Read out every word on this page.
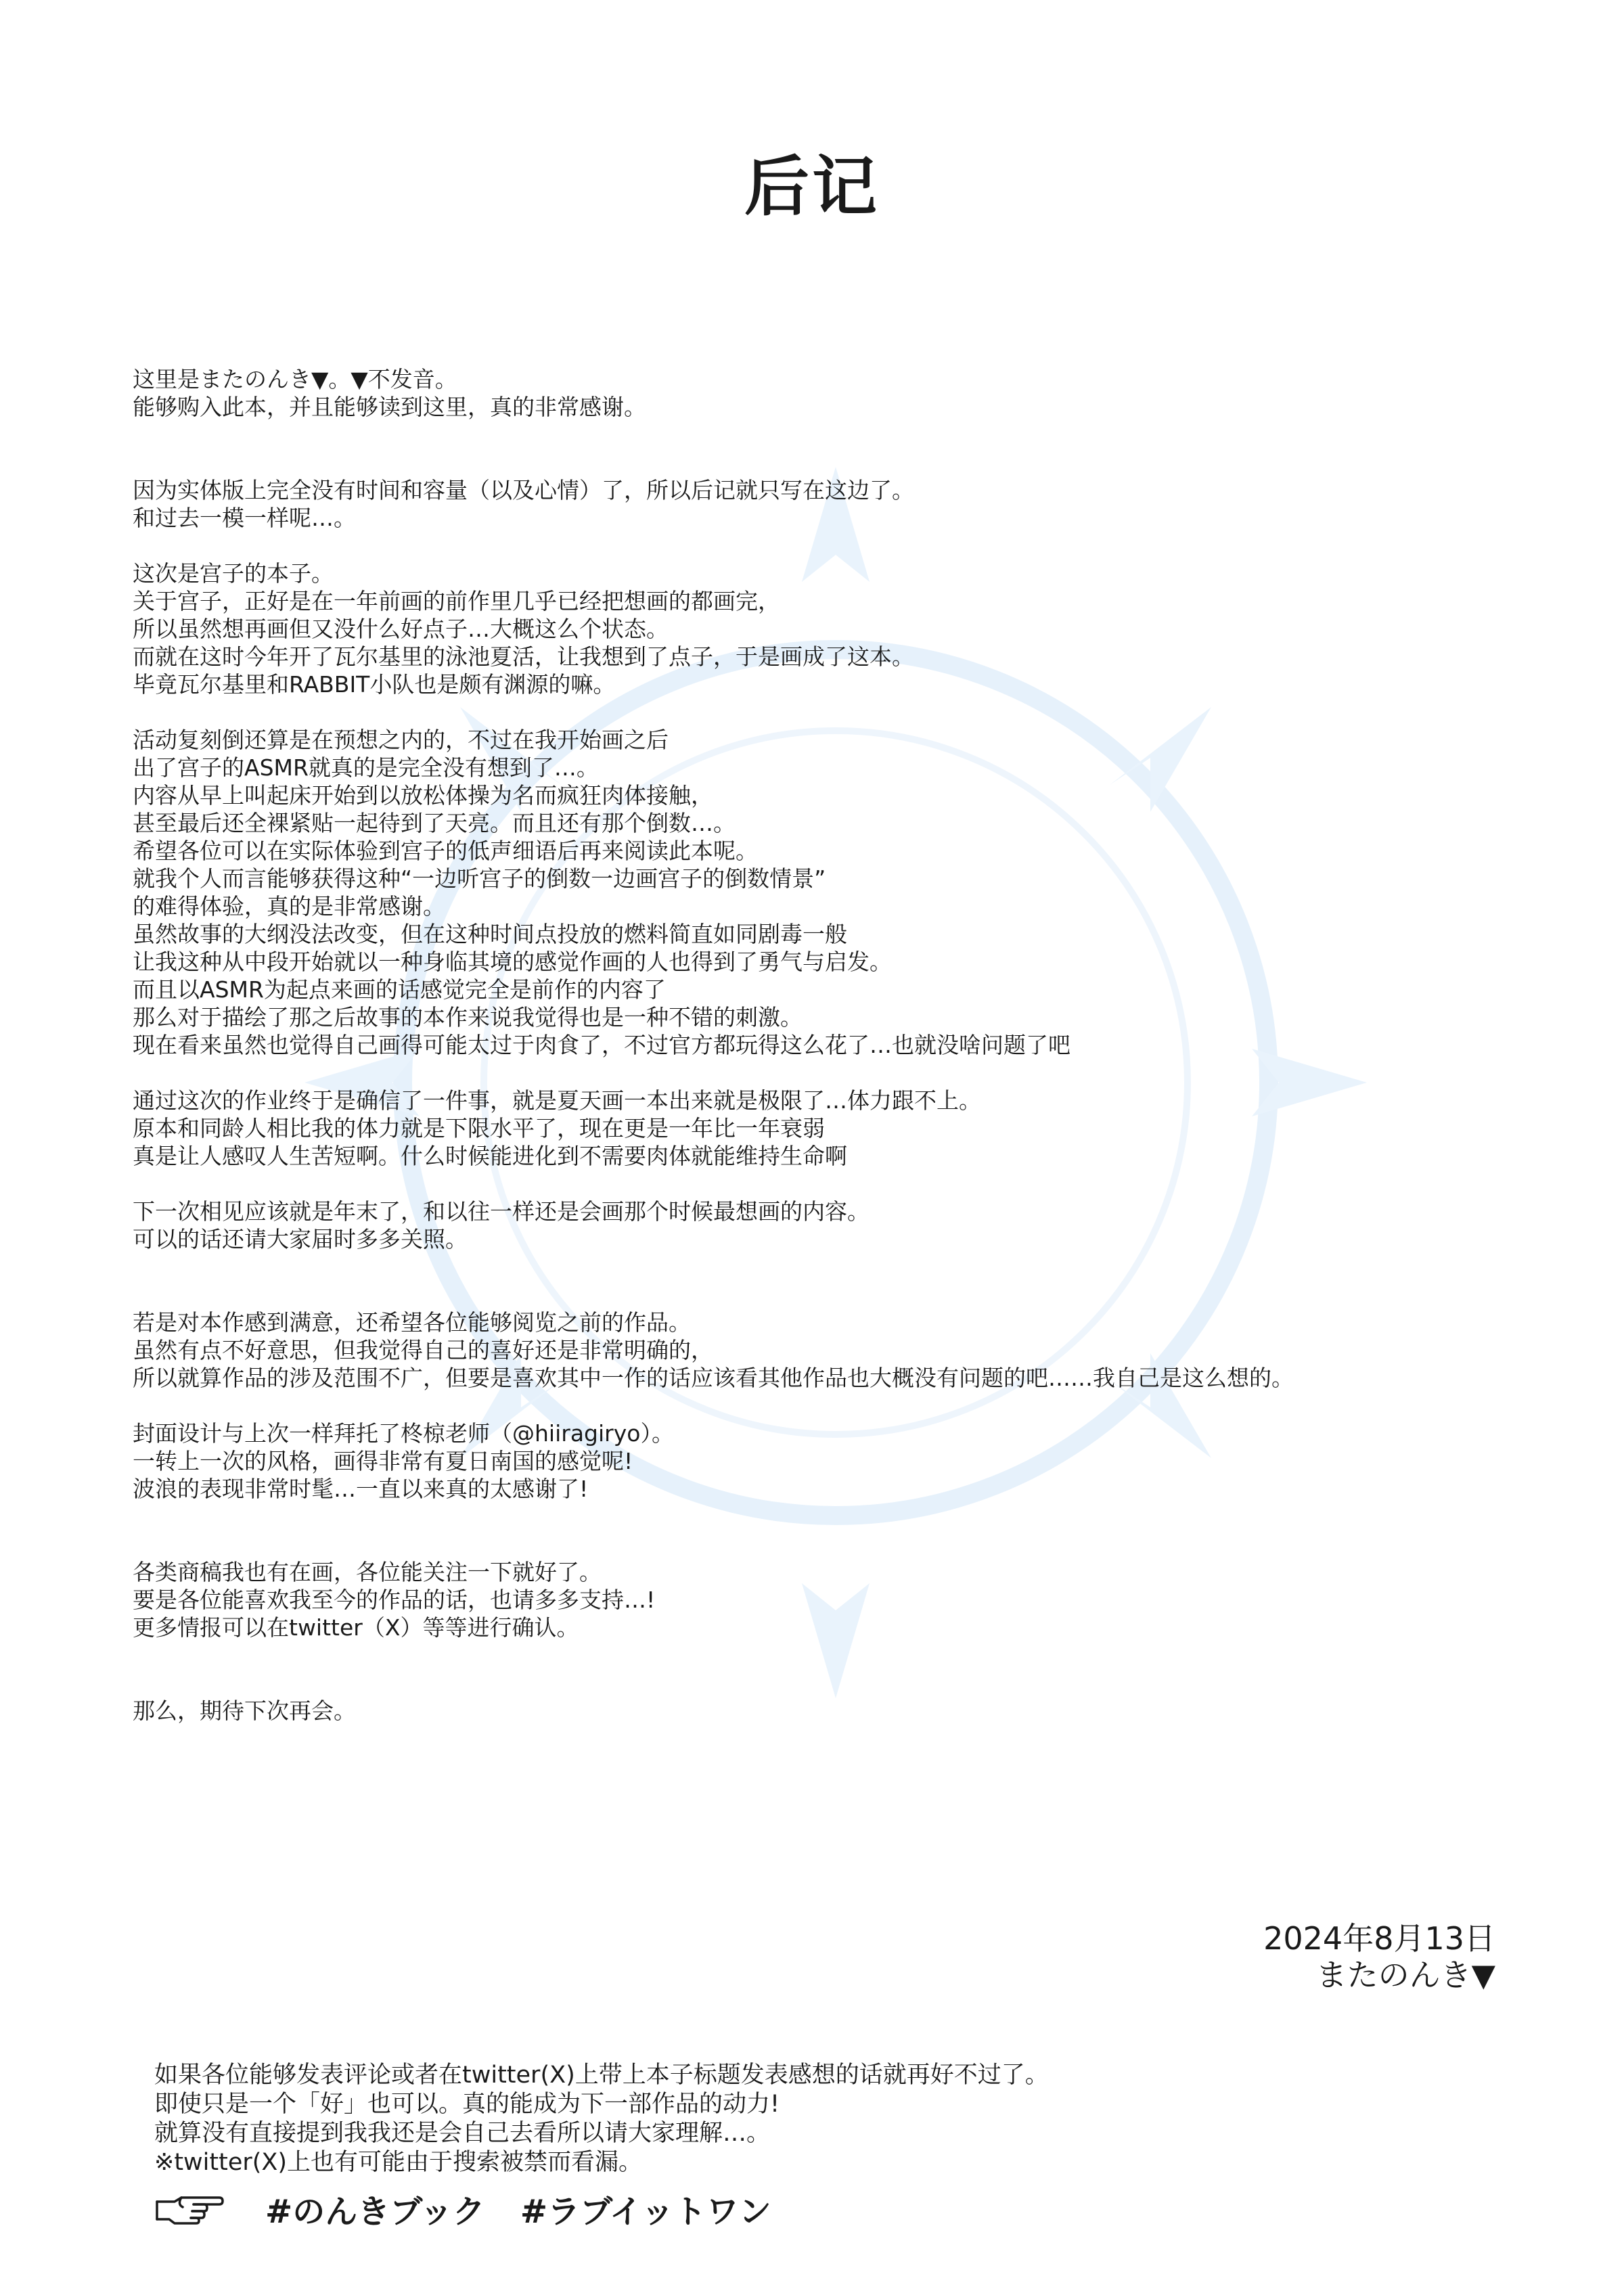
后记
这里是またのんき▼。▼不发音。
能够购入此本，并且能够读到这里，真的非常感谢。
因为实体版上完全没有时间和容量（以及心情）了，所以后记就只写在这边了。
和过去一模一样呢…。
这次是宫子的本子。
关于宫子，正好是在一年前画的前作里几乎已经把想画的都画完，
所以虽然想再画但又没什么好点子…大概这么个状态。
而就在这时今年开了瓦尔基里的泳池夏活，让我想到了点子，于是画成了这本。
毕竟瓦尔基里和RABBIT小队也是颇有渊源的嘛。
活动复刻倒还算是在预想之内的，不过在我开始画之后
出了宫子的ASMR就真的是完全没有想到了…。
内容从早上叫起床开始到以放松体操为名而疯狂肉体接触，
甚至最后还全裸紧贴一起待到了天亮。而且还有那个倒数…。
希望各位可以在实际体验到宫子的低声细语后再来阅读此本呢。
就我个人而言能够获得这种“一边听宫子的倒数一边画宫子的倒数情景”
的难得体验，真的是非常感谢。
虽然故事的大纲没法改变，但在这种时间点投放的燃料简直如同剧毒一般
让我这种从中段开始就以一种身临其境的感觉作画的人也得到了勇气与启发。
而且以ASMR为起点来画的话感觉完全是前作的内容了
那么对于描绘了那之后故事的本作来说我觉得也是一种不错的刺激。
现在看来虽然也觉得自己画得可能太过于肉食了，不过官方都玩得这么花了…也就没啥问题了吧
通过这次的作业终于是确信了一件事，就是夏天画一本出来就是极限了…体力跟不上。
原本和同龄人相比我的体力就是下限水平了，现在更是一年比一年衰弱
真是让人感叹人生苦短啊。什么时候能进化到不需要肉体就能维持生命啊
下一次相见应该就是年末了，和以往一样还是会画那个时候最想画的内容。
可以的话还请大家届时多多关照。
若是对本作感到满意，还希望各位能够阅览之前的作品。
虽然有点不好意思，但我觉得自己的喜好还是非常明确的，
所以就算作品的涉及范围不广，但要是喜欢其中一作的话应该看其他作品也大概没有问题的吧……我自己是这么想的。
封面设计与上次一样拜托了柊椋老师（@hiiragiryo）。
一转上一次的风格，画得非常有夏日南国的感觉呢!
波浪的表现非常时髦…一直以来真的太感谢了!
各类商稿我也有在画，各位能关注一下就好了。
要是各位能喜欢我至今的作品的话，也请多多支持…!
更多情报可以在twitter（X）等等进行确认。
那么，期待下次再会。
2024年8月13日
またのんき▼
如果各位能够发表评论或者在twitter(X)上带上本子标题发表感想的话就再好不过了。
即使只是一个「好」也可以。真的能成为下一部作品的动力!
就算没有直接提到我我还是会自己去看所以请大家理解…。
※twitter(X)上也有可能由于搜索被禁而看漏。
#のんきブック #ラブイットワン
